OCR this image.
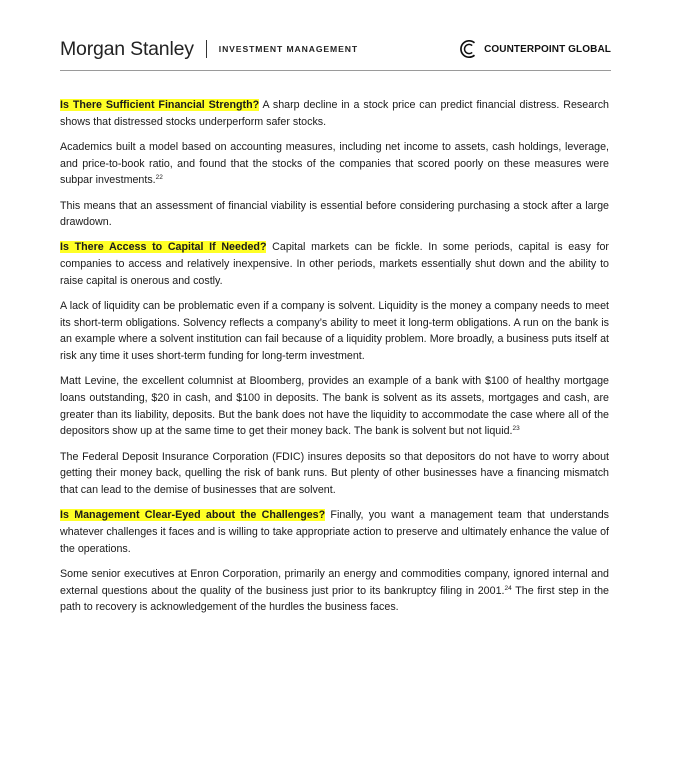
Morgan Stanley	INVESTMENT MANAGEMENT	COUNTERPOINT GLOBAL

Is There Sufficient Financial Strength? A sharp decline in a stock price can predict financial distress. Research shows that distressed stocks underperform safer stocks.

Academics built a model based on accounting measures, including net income to assets, cash holdings, leverage, and price-to-book ratio, and found that the stocks of the companies that scored poorly on these measures were subpar investments.$^{22}$

This means that an assessment of financial viability is essential before considering purchasing a stock after a large drawdown.

Is There Access to Capital If Needed? Capital markets can be fickle. In some periods, capital is easy for companies to access and relatively inexpensive. In other periods, markets essentially shut down and the ability to raise capital is onerous and costly.

A lack of liquidity can be problematic even if a company is solvent. Liquidity is the money a company needs to meet its short-term obligations. Solvency reflects a company’s ability to meet it long-term obligations. A run on the bank is an example where a solvent institution can fail because of a liquidity problem. More broadly, a business puts itself at risk any time it uses short-term funding for long-term investment.

Matt Levine, the excellent columnist at Bloomberg, provides an example of a bank with $100 of healthy mortgage loans outstanding, $20 in cash, and $100 in deposits. The bank is solvent as its assets, mortgages and cash, are greater than its liability, deposits. But the bank does not have the liquidity to accommodate the case where all of the depositors show up at the same time to get their money back. The bank is solvent but not liquid.$^{23}$

The Federal Deposit Insurance Corporation (FDIC) insures deposits so that depositors do not have to worry about getting their money back, quelling the risk of bank runs. But plenty of other businesses have a financing mismatch that can lead to the demise of businesses that are solvent.

Is Management Clear-Eyed about the Challenges? Finally, you want a management team that understands whatever challenges it faces and is willing to take appropriate action to preserve and ultimately enhance the value of the operations.

Some senior executives at Enron Corporation, primarily an energy and commodities company, ignored internal and external questions about the quality of the business just prior to its bankruptcy filing in 2001.24 The first step in the path to recovery is acknowledgement of the hurdles the business faces.
